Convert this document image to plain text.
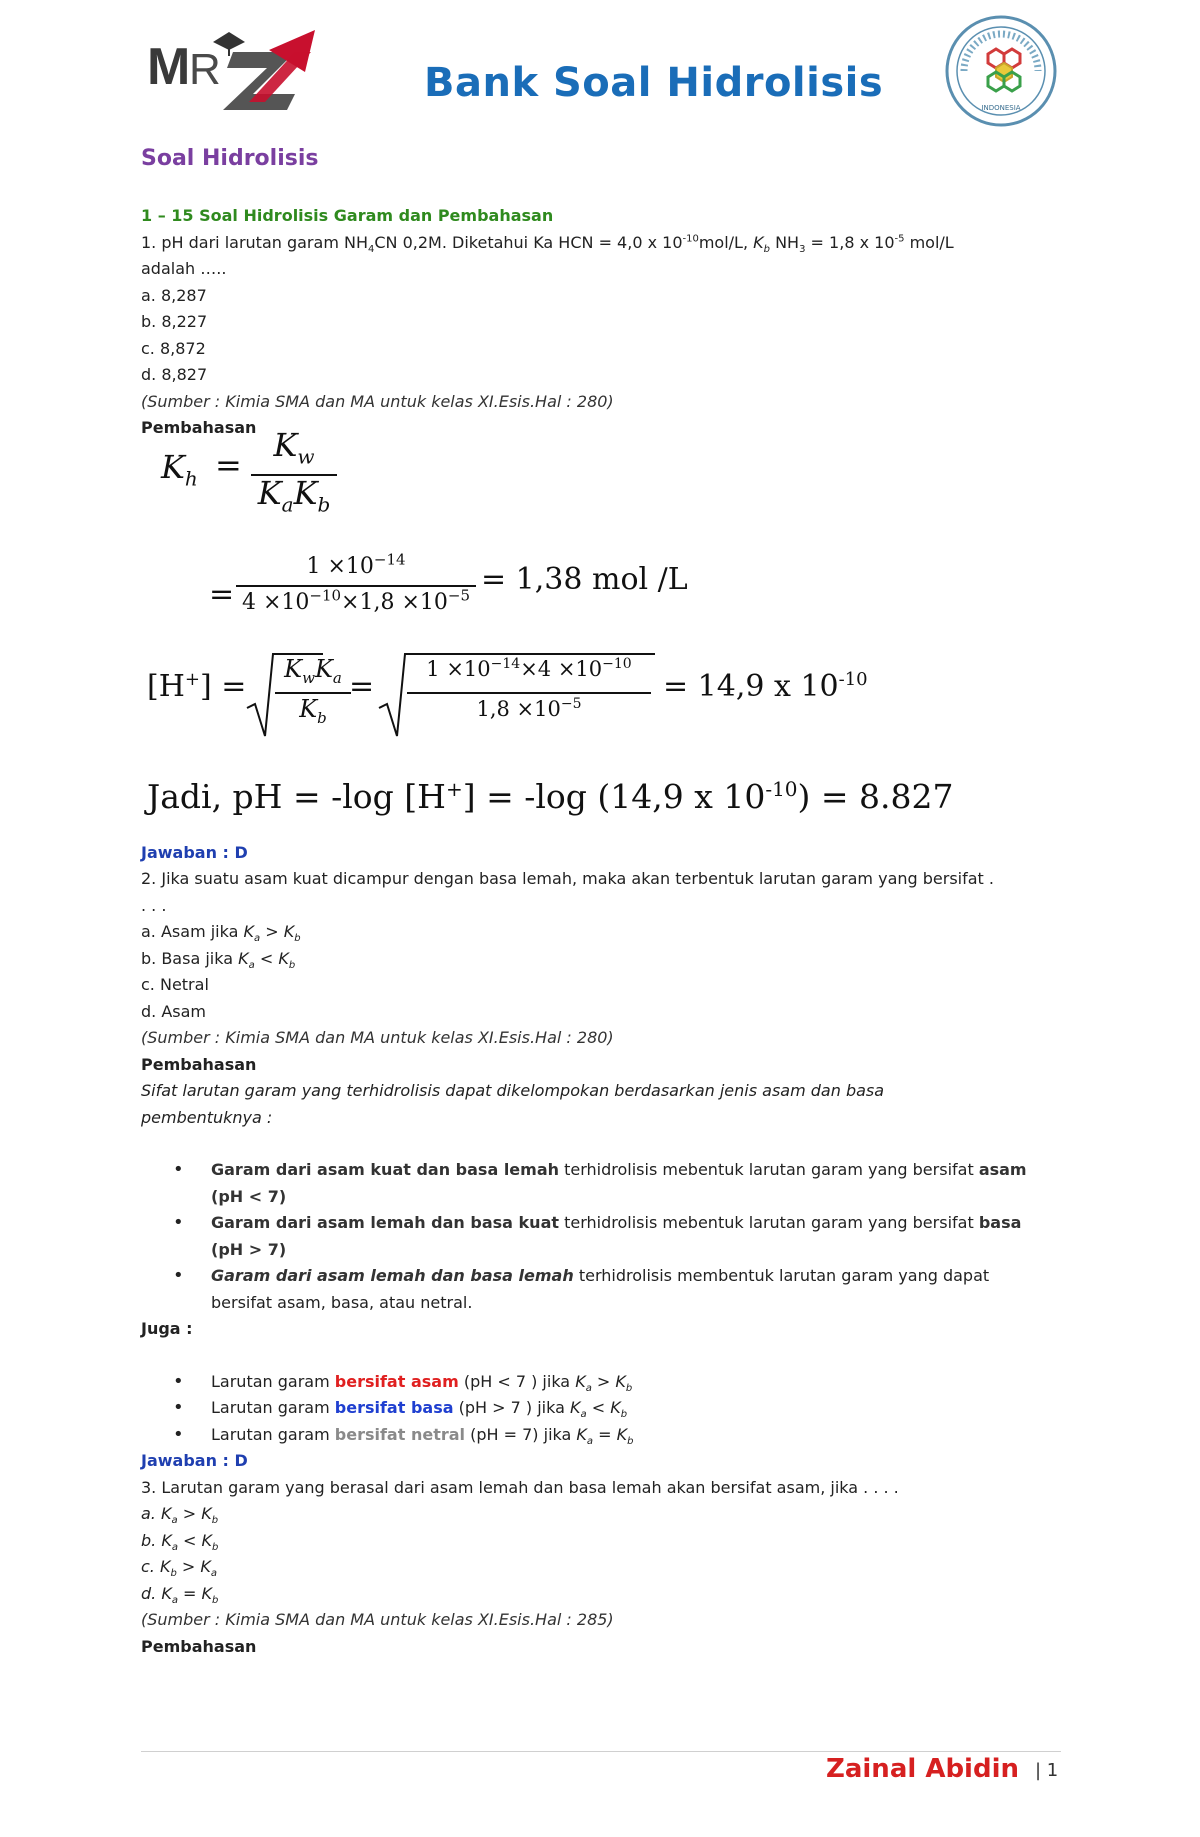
M R	Bank Soal Hidrolisis
INDONESIA
Soal Hidrolisis
1 – 15 Soal Hidrolisis Garam dan Pembahasan
1. pH dari larutan garam $NH_4CN$ 0,2M. Diketahui Ka HCN = 4,0 x $10^{-10}mol/L$, $K_b$ $NH_3 = 1,8$ x $10^{-5}$ mol/L
adalah …..
a. 8,287
b. 8,227
c. 8,872
d. 8,827
(Sumber : Kimia SMA dan MA untuk kelas XI.Esis.Hal : 280)
Pembahasan
$K_h$ =
$K_w$
$K_aK_b$
=
$1 \times 10^{-14}$
$4 \times 10^{-10}\times 1,8 \times 10^{-5} = 1,38$ mol /L
[H+] =	$K_wK_a$
$K_b$
=	$1 \times 10^{-14}\times 4 \times 10^{-10}$
$1,8 \times 10^{-5}$	= 14,9 x $10^{-10}$
Jadi, pH = -log [H+] = -log (14,9 x $10^{-10}) = 8.827$
Jawaban : D
2. Jika suatu asam kuat dicampur dengan basa lemah, maka akan terbentuk larutan garam yang bersifat .
. . .
a. Asam jika $K_a > K_b$
b. Basa jika $K_a < K_b$
c. Netral
d. Asam
(Sumber : Kimia SMA dan MA untuk kelas XI.Esis.Hal : 280)
Pembahasan
Sifat larutan garam yang terhidrolisis dapat dikelompokan berdasarkan jenis asam dan basa
pembentuknya :
• Garam dari asam kuat dan basa lemah terhidrolisis mebentuk larutan garam yang bersifat asam
(pH < 7)
• Garam dari asam lemah dan basa kuat terhidrolisis mebentuk larutan garam yang bersifat basa
(pH > 7)
• Garam dari asam lemah dan basa lemah terhidrolisis membentuk larutan garam yang dapat
bersifat asam, basa, atau netral.
Juga :
• Larutan garam bersifat asam (pH < 7 ) jika $K_a > K_b$
• Larutan garam bersifat basa (pH > 7 ) jika $K_a < K_b$
• Larutan garam bersifat netral (pH = 7) jika $K_a = K_b$
Jawaban : D
3. Larutan garam yang berasal dari asam lemah dan basa lemah akan bersifat asam, jika . . . .
a. $K_a > K_b$
b. $K_a < K_b$
c. $K_b > K_a$
d. $K_a = K_b$
(Sumber : Kimia SMA dan MA untuk kelas XI.Esis.Hal : 285)
Pembahasan
Zainal Abidin | 1
